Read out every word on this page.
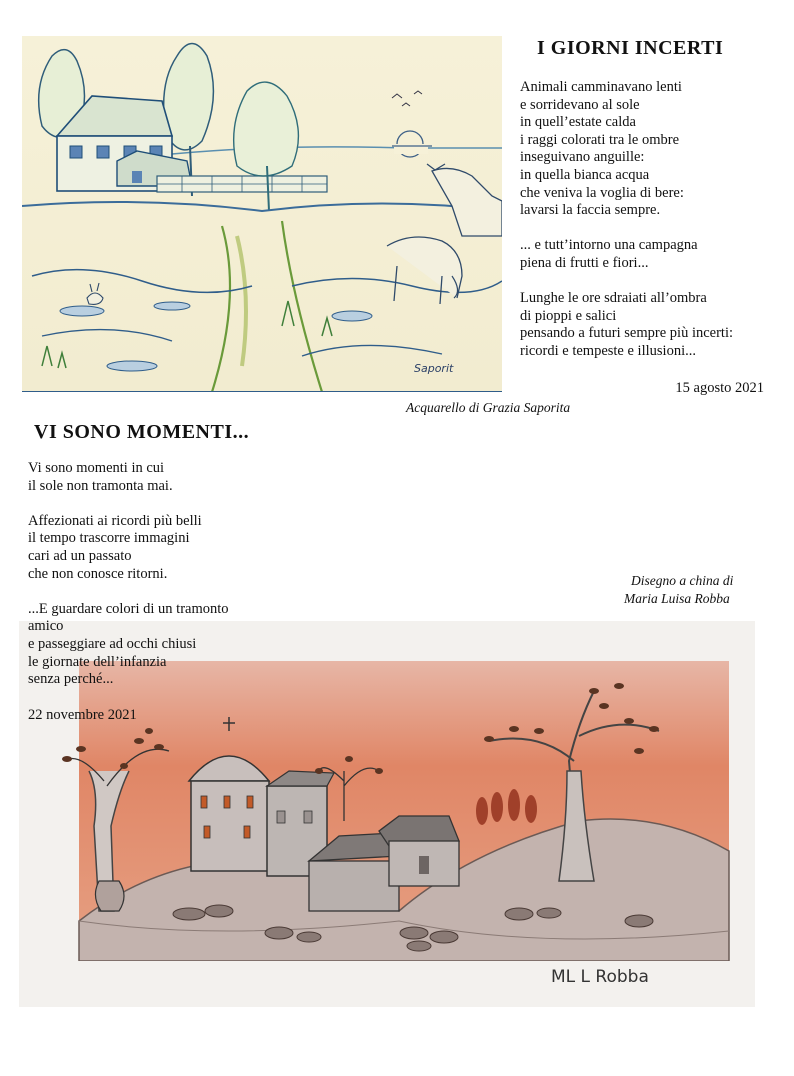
Saporit
I GIORNI INCERTI
Animali camminavano lenti
e sorridevano al sole
in quell’estate calda
i raggi colorati tra le ombre
inseguivano anguille:
in quella bianca acqua
che veniva la voglia di bere:
lavarsi la faccia sempre.

... e tutt’intorno una campagna
piena di frutti e fiori...

Lunghe le ore sdraiati all’ombra
di pioppi e salici
pensando a futuri sempre più incerti:
ricordi e tempeste e illusioni...
15 agosto 2021
Acquarello di Grazia Saporita
VI SONO MOMENTI...
Vi sono momenti in cui
il sole non tramonta mai.

Affezionati ai ricordi più belli
il tempo trascorre immagini
cari ad un passato
che non conosce ritorni.

...E guardare colori di un tramonto
amico
e passeggiare ad occhi chiusi
le giornate dell’infanzia
senza perché...
22 novembre 2021
Disegno a china di
Maria Luisa Robba
ML L Robba
